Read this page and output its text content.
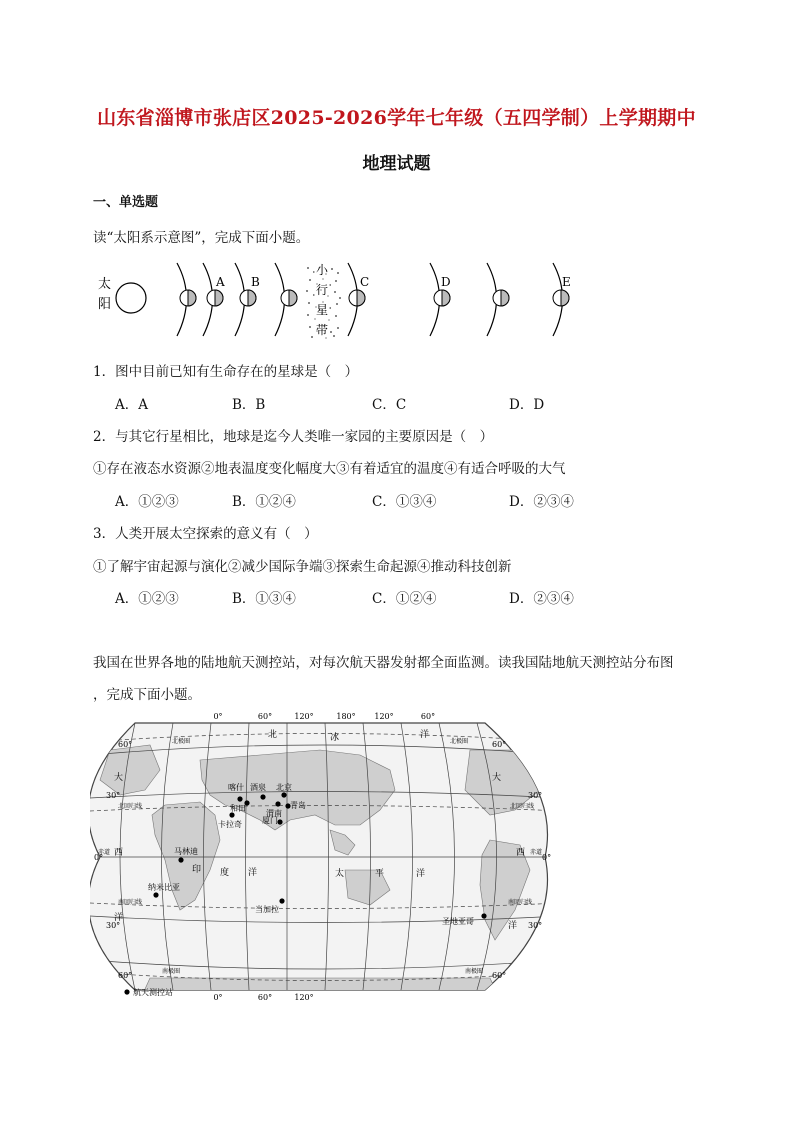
山东省淄博市张店区2025-2026学年七年级（五四学制）上学期期中
地理试题
一、单选题
读“太阳系示意图”，完成下面小题。
太
阳
小
行
星
带
A B	C	D	E
1．图中目前已知有生命存在的星球是（　）
A．A	B．B	C．C	D．D
2．与其它行星相比，地球是迄今人类唯一家园的主要原因是（　）
①存在液态水资源②地表温度变化幅度大③有着适宜的温度④有适合呼吸的大气
A．①②③	B．①②④	C．①③④	D．②③④
3．人类开展太空探索的意义有（　）
①了解宇宙起源与演化②减少国际争端③探索生命起源④推动科技创新
A．①②③	B．①③④	C．①②④	D．②③④
我国在世界各地的陆地航天测控站，对每次航天器发射都全面监测。读我国陆地航天测控站分布图
，完成下面小题。
0°	60°	120°	180° 120°	60°
0°	60°	120°
60°
30°
0°
30°
60°
60°
30°
0°
30°
60°
北极圈
北回归线
赤道
南回归线
南极圈
北极圈
北回归线
赤道
南回归线
南极圈
北	冰	洋
大
西
洋
印 度 洋	太	平	洋
大
西
洋
喀什 酒泉 北京
和田
渭南
青岛
卡拉奇	厦门
马林迪
纳米比亚
当加拉
圣地亚哥
航天测控站
